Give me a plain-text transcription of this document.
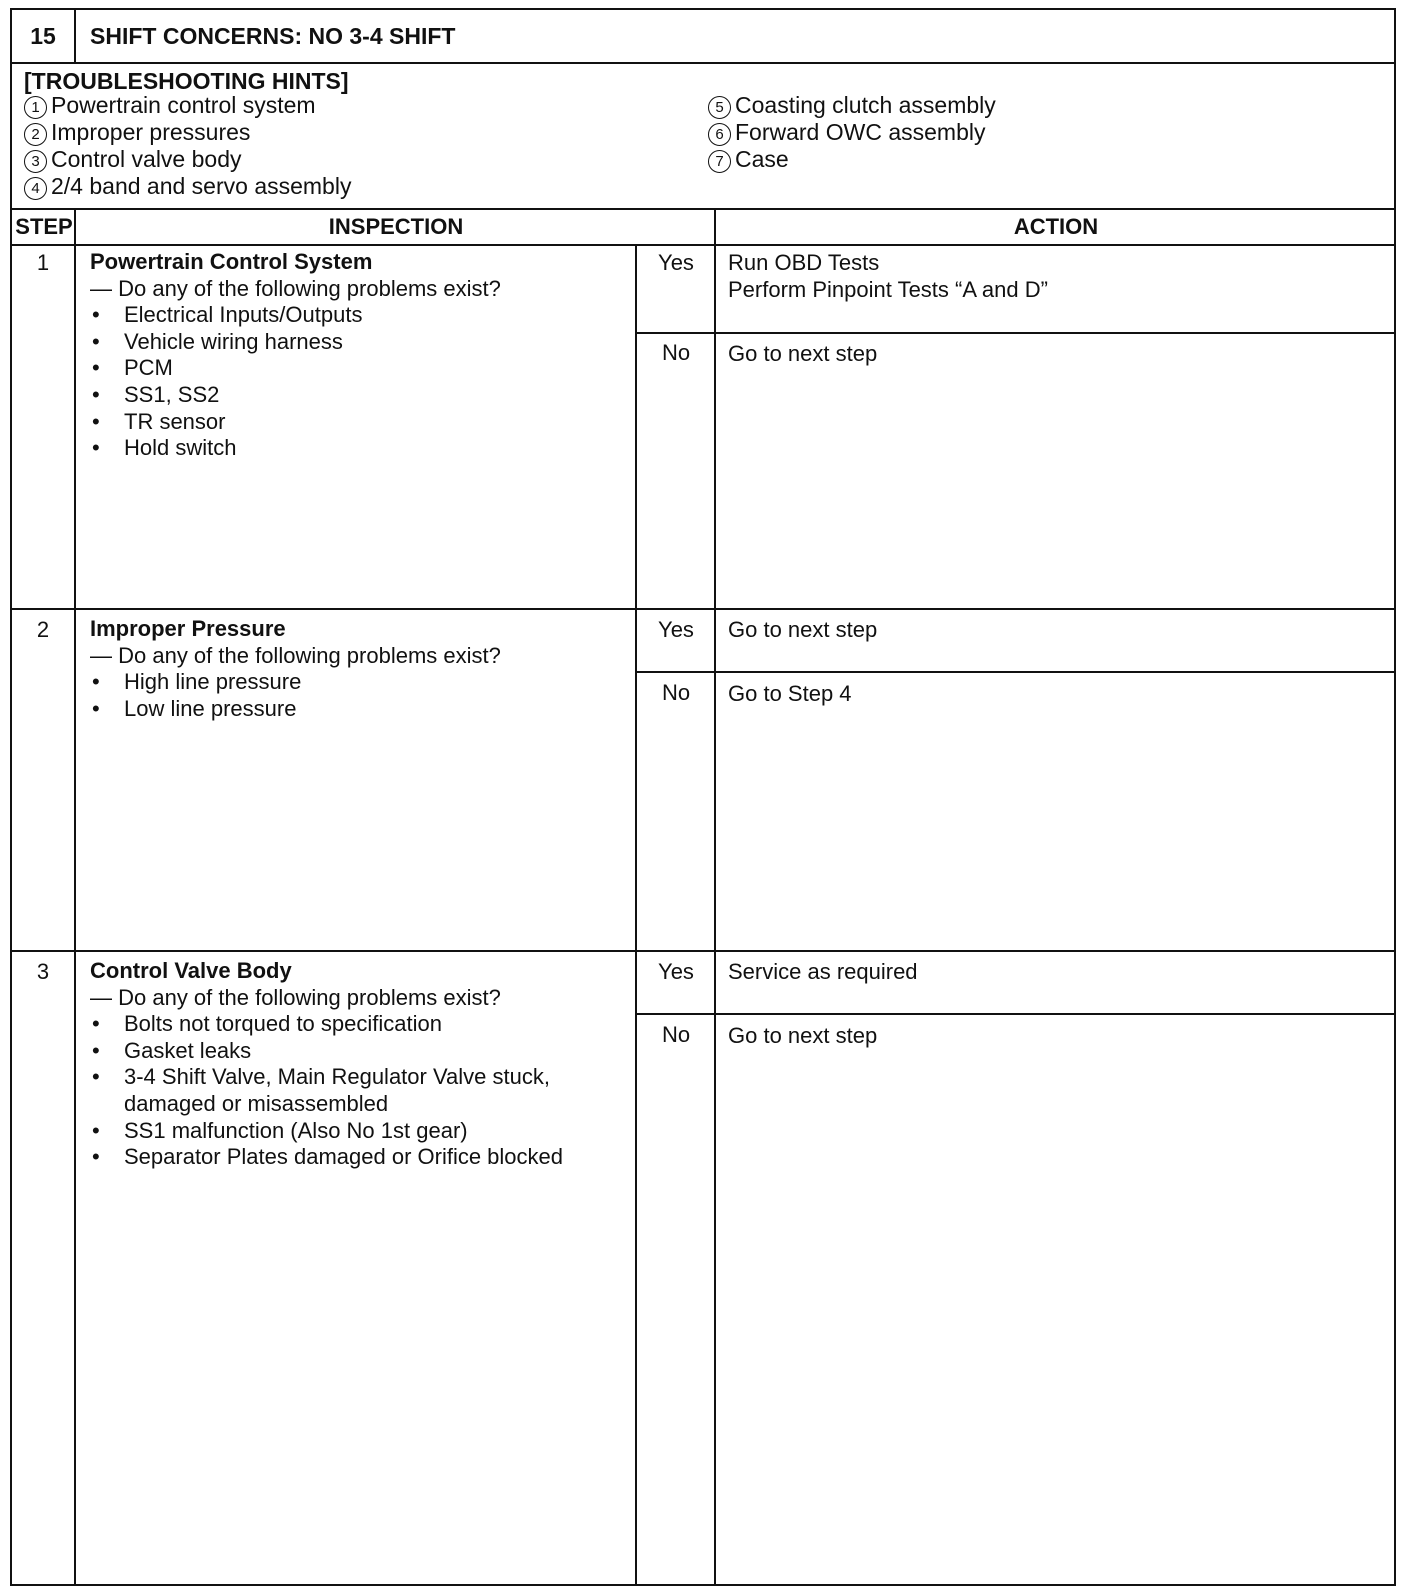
15	SHIFT CONCERNS: NO 3-4 SHIFT
[TROUBLESHOOTING HINTS]
1 Powertrain control system
2 Improper pressures
3 Control valve body
4 2/4 band and servo assembly
5 Coasting clutch assembly
6 Forward OWC assembly
7 Case
STEP	INSPECTION	ACTION
1	Powertrain Control System
— Do any of the following problems exist?
• Electrical Inputs/Outputs
• Vehicle wiring harness
• PCM
• SS1, SS2
• TR sensor
• Hold switch
Yes	Run OBD Tests
Perform Pinpoint Tests “A and D”
No	Go to next step
2	Improper Pressure
— Do any of the following problems exist?
• High line pressure
• Low line pressure
Yes	Go to next step
No	Go to Step 4
3	Control Valve Body
— Do any of the following problems exist?
• Bolts not torqued to specification
• Gasket leaks
• 3-4 Shift Valve, Main Regulator Valve stuck, damaged or misassembled
• SS1 malfunction (Also No 1st gear)
• Separator Plates damaged or Orifice blocked
Yes	Service as required
No	Go to next step
